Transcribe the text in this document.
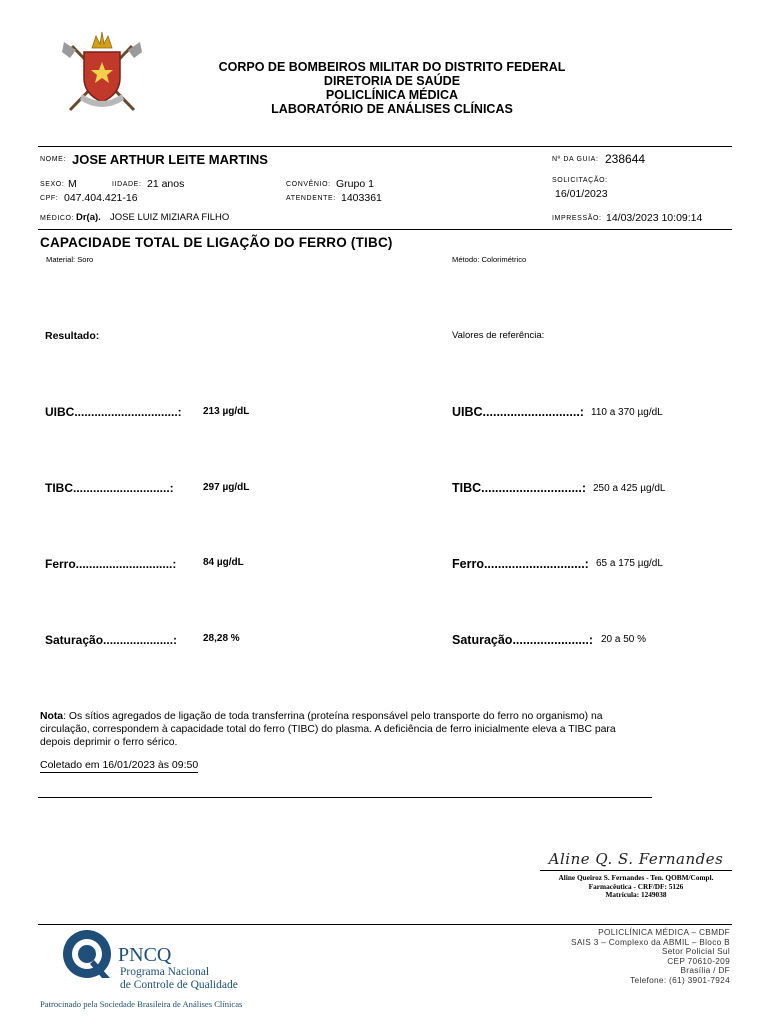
CORPO DE BOMBEIROS MILITAR DO DISTRITO FEDERAL
DIRETORIA DE SAÚDE
POLICLÍNICA MÉDICA
LABORATÓRIO DE ANÁLISES CLÍNICAS
NOME: JOSE ARTHUR LEITE MARTINS	Nº DA GUIA: 238644
SEXO: M	IIDADE: 21 anos	CONVÊNIO: Grupo 1	SOLICITAÇÃO:
16/01/2023
CPF: 047.404.421-16	ATENDENTE: 1403361
MÉDICO: Dr(a). JOSE LUIZ MIZIARA FILHO	IMPRESSÃO: 14/03/2023 10:09:14
CAPACIDADE TOTAL DE LIGAÇÃO DO FERRO (TIBC)
Material: Soro	Método: Colorimétrico
Resultado:	Valores de referência:
UIBC...............................: 213 µg/dL	UIBC............................: 110 a 370 µg/dL
TIBC.............................:	297 µg/dL	TIBC.............................: 250 a 425 µg/dL
Ferro.............................:	84 µg/dL	Ferro.............................: 65 a 175 µg/dL
Saturação.....................:	28,28 %	Saturação......................: 20 a 50 %
Nota: Os sítios agregados de ligação de toda transferrina (proteína responsável pelo transporte do ferro no organismo) na
circulação, correspondem à capacidade total do ferro (TIBC) do plasma. A deficiência de ferro inicialmente eleva a TIBC para
depois deprimir o ferro sérico.
Coletado em 16/01/2023 às 09:50
Aline Q. S. Fernandes
Aline Queiroz S. Fernandes - Ten. QOBM/Compl.
Farmacêutica - CRF/DF: 5126
Matrícula: 1249038
PNCQ
Programa Nacional
de Controle de Qualidade
Patrocinado pela Sociedade Brasileira de Análises Clínicas
POLICLÍNICA MÉDICA – CBMDF
SAIS 3 – Complexo da ABMIL – Bloco B
Setor Policial Sul
CEP 70610-209
Brasília / DF
Telefone: (61) 3901-7924
